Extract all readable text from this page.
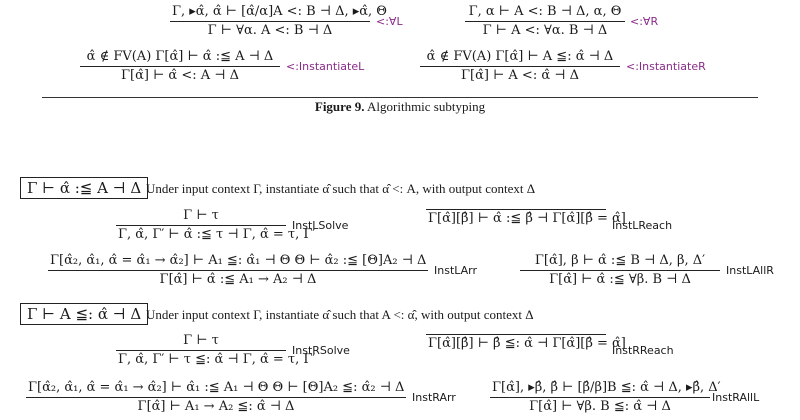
Γ, ▸α̂, α̂ ⊢ [α̂/α]A <: B ⊣ Δ, ▸α̂, Θ
Γ ⊢ ∀α. A <: B ⊣ Δ
<:∀L
Γ, α ⊢ A <: B ⊣ Δ, α, Θ
Γ ⊢ A <: ∀α. B ⊣ Δ
<:∀R
α̂ ∉ FV(A) Γ[α̂] ⊢ α̂ :≦ A ⊣ Δ
Γ[α̂] ⊢ α̂ <: A ⊣ Δ
<:InstantiateL
α̂ ∉ FV(A) Γ[α̂] ⊢ A ≦: α̂ ⊣ Δ
Γ[α̂] ⊢ A <: α̂ ⊣ Δ
<:InstantiateR
Figure 9. Algorithmic subtyping
Γ ⊢ α̂ :≦ A ⊣ Δ Under input context Γ, instantiate α̂ such that α̂ <: A, with output context Δ
Γ ⊢ τ
Γ, α̂, Γ′ ⊢ α̂ :≦ τ ⊣ Γ, α̂ = τ, Γ′
InstLSolve	Γ[α̂][β̂] ⊢ α̂ :≦ β̂ ⊣ Γ[α̂][β̂ = α̂]
InstLReach
Γ[α̂₂, α̂₁, α̂ = α̂₁ → α̂₂] ⊢ A₁ ≦: α̂₁ ⊣ Θ Θ ⊢ α̂₂ :≦ [Θ]A₂ ⊣ Δ
Γ[α̂] ⊢ α̂ :≦ A₁ → A₂ ⊣ Δ
InstLArr
Γ[α̂], β ⊢ α̂ :≦ B ⊣ Δ, β, Δ′
Γ[α̂] ⊢ α̂ :≦ ∀β. B ⊣ Δ
InstLAllR
Γ ⊢ A ≦: α̂ ⊣ Δ Under input context Γ, instantiate α̂ such that A <: α̂, with output context Δ
Γ ⊢ τ
Γ, α̂, Γ′ ⊢ τ ≦: α̂ ⊣ Γ, α̂ = τ, Γ′
InstRSolve	Γ[α̂][β̂] ⊢ β̂ ≦: α̂ ⊣ Γ[α̂][β̂ = α̂]
InstRReach
Γ[α̂₂, α̂₁, α̂ = α̂₁ → α̂₂] ⊢ α̂₁ :≦ A₁ ⊣ Θ Θ ⊢ [Θ]A₂ ≦: α̂₂ ⊣ Δ
Γ[α̂] ⊢ A₁ → A₂ ≦: α̂ ⊣ Δ
InstRArr
Γ[α̂], ▸β̂, β̂ ⊢ [β̂/β]B ≦: α̂ ⊣ Δ, ▸β̂, Δ′
Γ[α̂] ⊢ ∀β. B ≦: α̂ ⊣ Δ
InstRAllL
